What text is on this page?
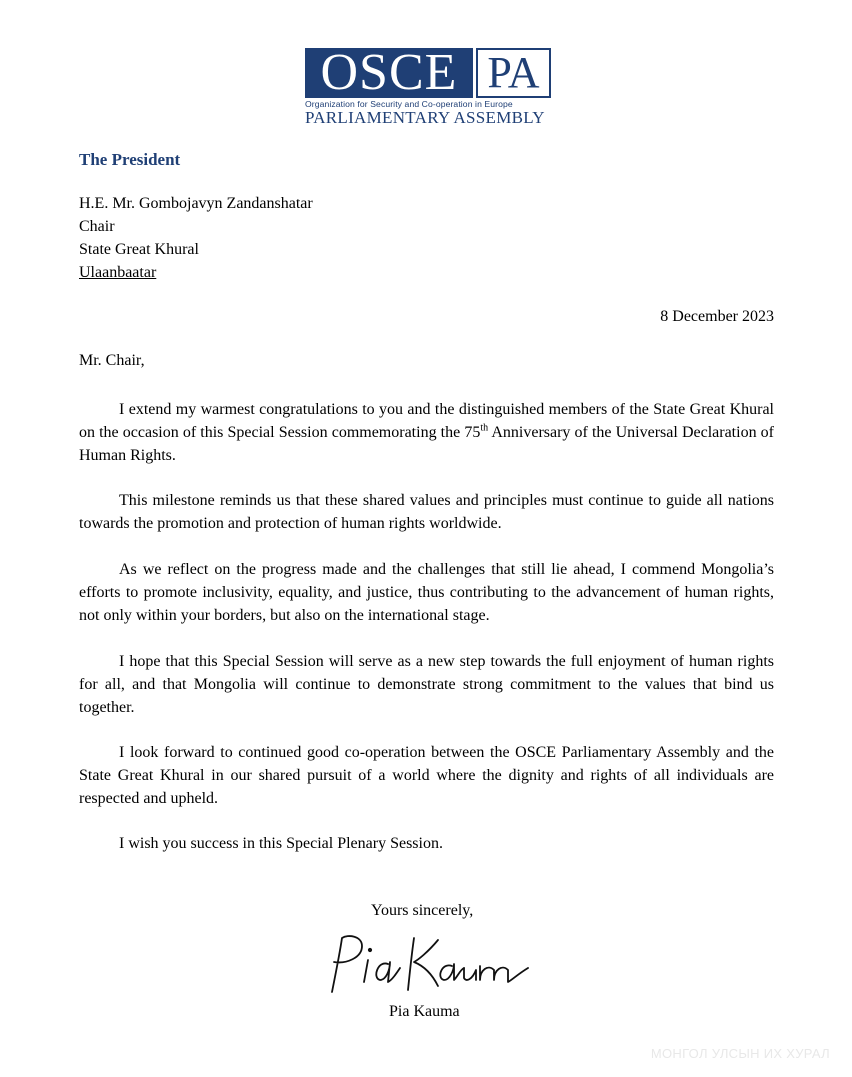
OSCE PA
Organization for Security and Co-operation in Europe
PARLIAMENTARY ASSEMBLY
The President
H.E. Mr. Gombojavyn Zandanshatar
Chair
State Great Khural
Ulaanbaatar
8 December 2023
Mr. Chair,
I extend my warmest congratulations to you and the distinguished members of the State Great Khural on the occasion of this Special Session commemorating the 75th Anniversary of the Universal Declaration of Human Rights.
This milestone reminds us that these shared values and principles must continue to guide all nations towards the promotion and protection of human rights worldwide.
As we reflect on the progress made and the challenges that still lie ahead, I commend Mongolia’s efforts to promote inclusivity, equality, and justice, thus contributing to the advancement of human rights, not only within your borders, but also on the international stage.
I hope that this Special Session will serve as a new step towards the full enjoyment of human rights for all, and that Mongolia will continue to demonstrate strong commitment to the values that bind us together.
I look forward to continued good co-operation between the OSCE Parliamentary Assembly and the State Great Khural in our shared pursuit of a world where the dignity and rights of all individuals are respected and upheld.
I wish you success in this Special Plenary Session.
Yours sincerely,
Pia Kauma
МОНГОЛ УЛСЫН ИХ ХУРАЛ
